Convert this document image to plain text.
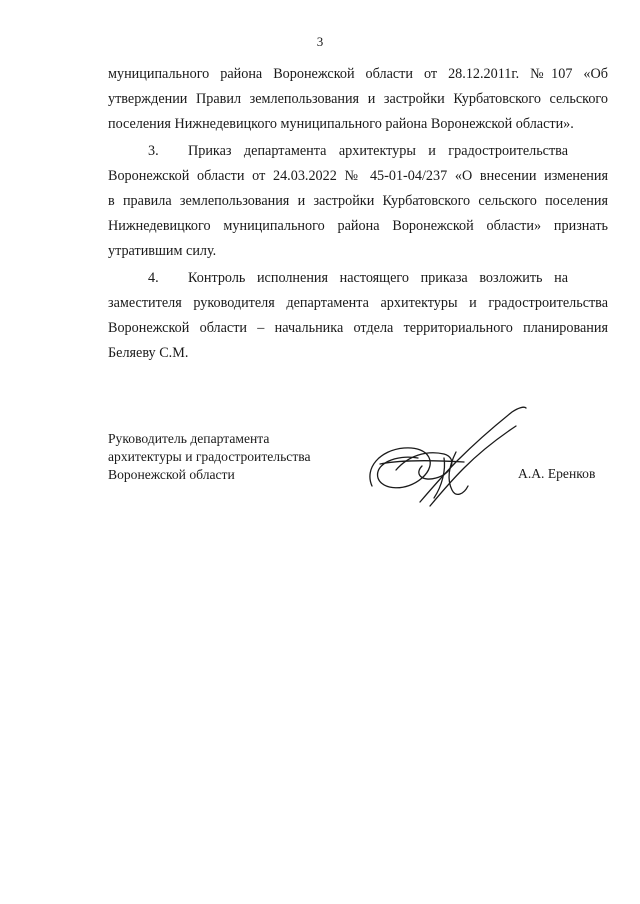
3

муниципального района Воронежской области от 28.12.2011г. №107 «Об
утверждении Правил землепользования и застройки Курбатовского сельского
поселения Нижнедевицкого муниципального района Воронежской области».

3. Приказ департамента архитектуры и градостроительства
Воронежской области от 24.03.2022 № 45-01-04/237 «О внесении изменения
в правила землепользования и застройки Курбатовского сельского поселения
Нижнедевицкого муниципального района Воронежской области» признать
утратившим силу.

4. Контроль исполнения настоящего приказа возложить на
заместителя руководителя департамента архитектуры и градостроительства
Воронежской области – начальника отдела территориального планирования
Беляеву С.М.

Руководитель департамента
архитектуры и градостроительства
Воронежской области	А.А. Еренков
